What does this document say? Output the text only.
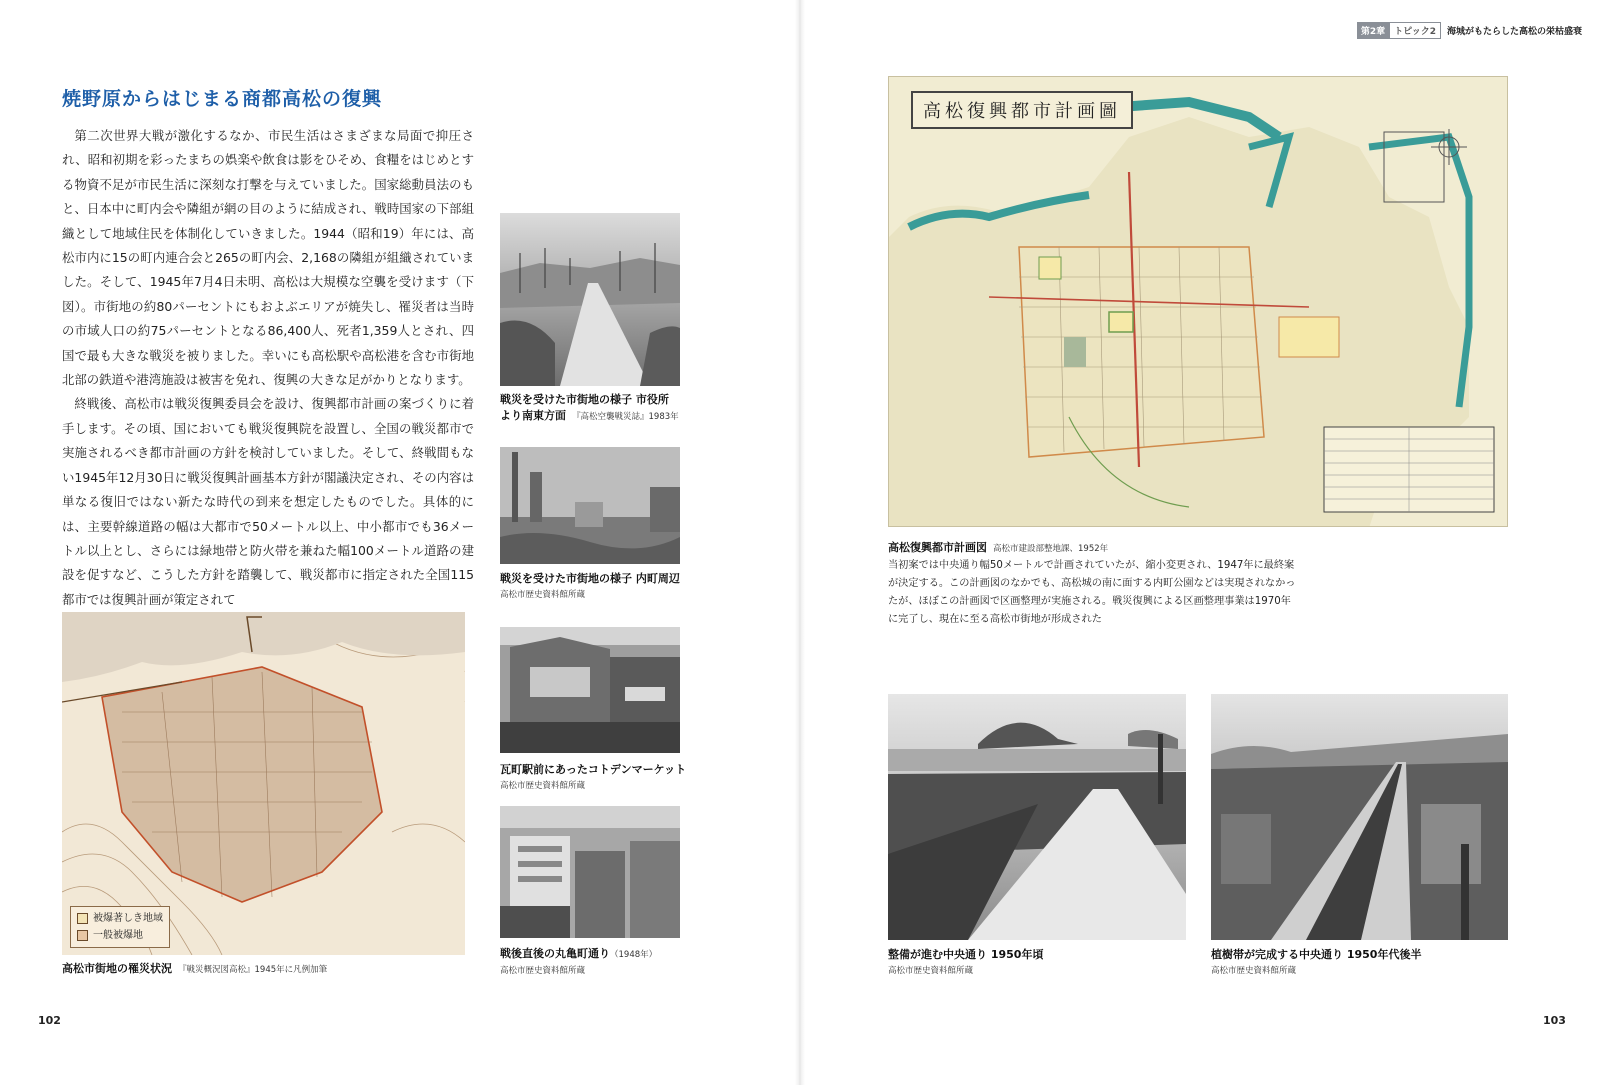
第2章	トピック2	海城がもたらした高松の栄枯盛衰
焼野原からはじまる商都高松の復興

第二次世界大戦が激化するなか、市民生活はさまざまな局面で抑圧され、昭和初期を彩ったまちの娯楽や飲食は影をひそめ、食糧をはじめとする物資不足が市民生活に深刻な打撃を与えていました。国家総動員法のもと、日本中に町内会や隣組が網の目のように結成され、戦時国家の下部組織として地域住民を体制化していきました。1944（昭和19）年には、高松市内に15の町内連合会と265の町内会、2,168の隣組が組織されていました。そして、1945年7月4日未明、高松は大規模な空襲を受けます（下図）。市街地の約80パーセントにもおよぶエリアが焼失し、罹災者は当時の市域人口の約75パーセントとなる86,400人、死者1,359人とされ、四国で最も大きな戦災を被りました。幸いにも高松駅や高松港を含む市街地北部の鉄道や港湾施設は被害を免れ、復興の大きな足がかりとなります。

終戦後、高松市は戦災復興委員会を設け、復興都市計画の案づくりに着手します。その頃、国においても戦災復興院を設置し、全国の戦災都市で実施されるべき都市計画の方針を検討していました。そして、終戦間もない1945年12月30日に戦災復興計画基本方針が閣議決定され、その内容は単なる復旧ではない新たな時代の到来を想定したものでした。具体的には、主要幹線道路の幅は大都市で50メートル以上、中小都市でも36メートル以上とし、さらには緑地帯と防火帯を兼ねた幅100メートル道路の建設を促すなど、こうした方針を踏襲して、戦災都市に指定された全国115都市では復興計画が策定されて

戦災を受けた市街地の様子 市役所
より南東方面 『高松空襲戦災誌』1983年
戦災を受けた市街地の様子 内町周辺
高松市歴史資料館所蔵
瓦町駅前にあったコトデンマーケット
高松市歴史資料館所蔵
戦後直後の丸亀町通り（1948年）
高松市歴史資料館所蔵
被爆著しき地域
一般被爆地
高松市街地の罹災状況 『戦災概況図高松』1945年に凡例加筆
102
高松復興都市計画圖
高松復興都市計画図 高松市建設部整地課、1952年
当初案では中央通り幅50メートルで計画されていたが、縮小変更され、1947年に最終案
が決定する。この計画図のなかでも、高松城の南に面する内町公園などは実現されなかっ
たが、ほぼこの計画図で区画整理が実施される。戦災復興による区画整理事業は1970年
に完了し、現在に至る高松市街地が形成された
整備が進む中央通り 1950年頃
高松市歴史資料館所蔵
植樹帯が完成する中央通り 1950年代後半
高松市歴史資料館所蔵
103
